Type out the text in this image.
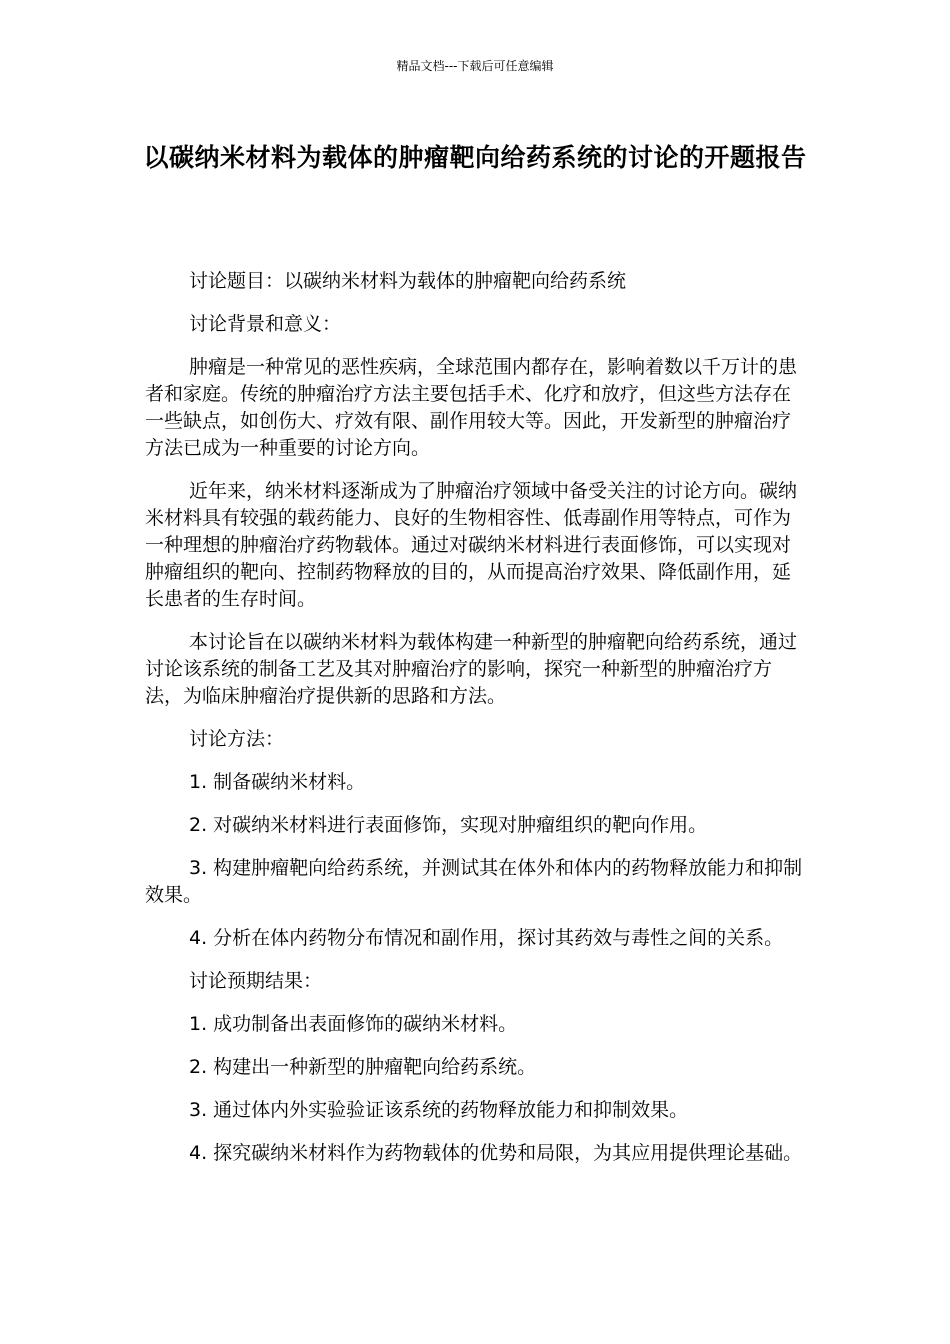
精品文档---下载后可任意编辑
以碳纳米材料为载体的肿瘤靶向给药系统的讨论的开题报告

讨论题目：以碳纳米材料为载体的肿瘤靶向给药系统

讨论背景和意义：

肿瘤是一种常见的恶性疾病，全球范围内都存在，影响着数以千万计的患者和家庭。传统的肿瘤治疗方法主要包括手术、化疗和放疗，但这些方法存在一些缺点，如创伤大、疗效有限、副作用较大等。因此，开发新型的肿瘤治疗方法已成为一种重要的讨论方向。

近年来，纳米材料逐渐成为了肿瘤治疗领域中备受关注的讨论方向。碳纳米材料具有较强的载药能力、良好的生物相容性、低毒副作用等特点，可作为一种理想的肿瘤治疗药物载体。通过对碳纳米材料进行表面修饰，可以实现对肿瘤组织的靶向、控制药物释放的目的，从而提高治疗效果、降低副作用，延长患者的生存时间。

本讨论旨在以碳纳米材料为载体构建一种新型的肿瘤靶向给药系统，通过讨论该系统的制备工艺及其对肿瘤治疗的影响，探究一种新型的肿瘤治疗方法，为临床肿瘤治疗提供新的思路和方法。

讨论方法：

1. 制备碳纳米材料。

2. 对碳纳米材料进行表面修饰，实现对肿瘤组织的靶向作用。

3. 构建肿瘤靶向给药系统，并测试其在体外和体内的药物释放能力和抑制效果。

4. 分析在体内药物分布情况和副作用，探讨其药效与毒性之间的关系。

讨论预期结果：

1. 成功制备出表面修饰的碳纳米材料。

2. 构建出一种新型的肿瘤靶向给药系统。

3. 通过体内外实验验证该系统的药物释放能力和抑制效果。

4. 探究碳纳米材料作为药物载体的优势和局限，为其应用提供理论基础。
